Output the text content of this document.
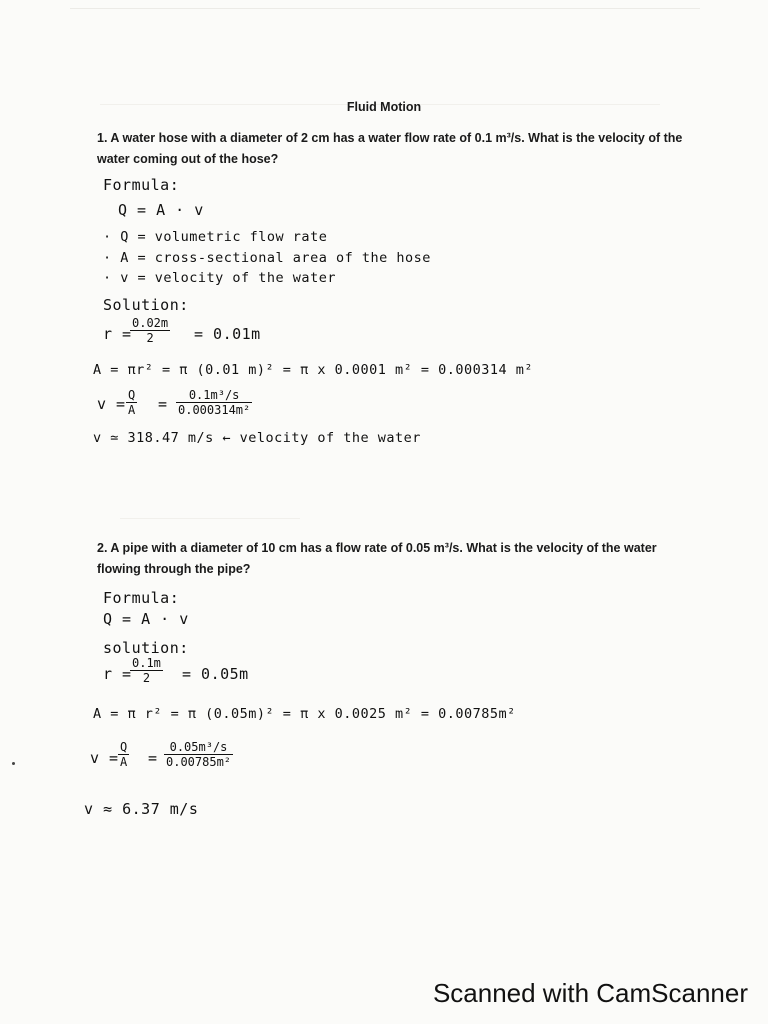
Fluid Motion
1. A water hose with a diameter of 2 cm has a water flow rate of 0.1 m³/s. What is the velocity of the water coming out of the hose?
Formula:
Q = A · v
· Q = volumetric flow rate
· A = cross-sectional area of the hose
· v = velocity of the water
Solution:
r =
$\frac{0.02m}{2} = 0.01m$
A = πr² = π (0.01 m)² = π x 0.0001 m² = 0.000314 m²
$v = \frac{Q}{A} = \frac{\text{0.1m³/s}}{\text{0.000314m²}}$
v ≃ 318.47 m/s ← velocity of the water
2. A pipe with a diameter of 10 cm has a flow rate of 0.05 m³/s. What is the velocity of the water flowing through the pipe?
Formula:
Q = A · v
solution:
r =
$\frac{0.1m}{2} = 0.05m$
A = π r² = π (0.05m)² = π x 0.0025 m² = 0.00785m²
$v = \frac{Q}{A} = \frac{\text{0.05m³/s}}{\text{0.00785m²}}$
v ≈ 6.37 m/s
Scanned with CamScanner
